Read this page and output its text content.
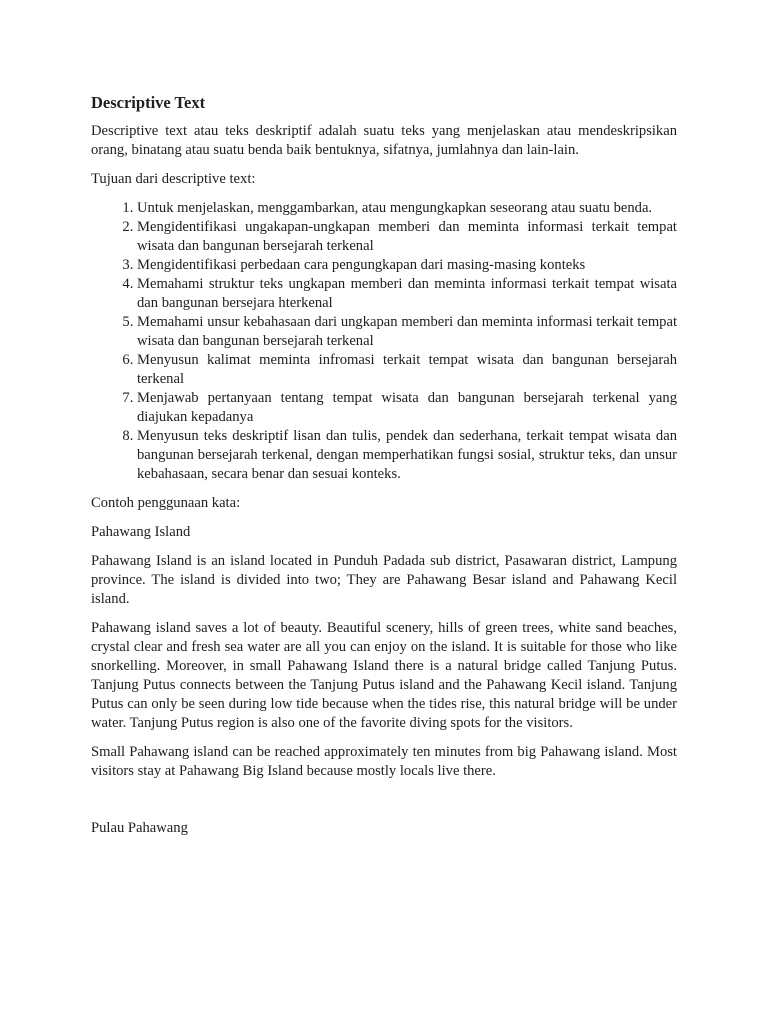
Descriptive Text

Descriptive text atau teks deskriptif adalah suatu teks yang menjelaskan atau mendeskripsikan orang, binatang atau suatu benda baik bentuknya, sifatnya, jumlahnya dan lain-lain.

Tujuan dari descriptive text:

1. Untuk menjelaskan, menggambarkan, atau mengungkapkan seseorang atau suatu benda.
2. Mengidentifikasi ungakapan-ungkapan memberi dan meminta informasi terkait tempat wisata dan bangunan bersejarah terkenal
3. Mengidentifikasi perbedaan cara pengungkapan dari masing-masing konteks
4. Memahami struktur teks ungkapan memberi dan meminta informasi terkait tempat wisata dan bangunan bersejara hterkenal
5. Memahami unsur kebahasaan dari ungkapan memberi dan meminta informasi terkait tempat wisata dan bangunan bersejarah terkenal
6. Menyusun kalimat meminta infromasi terkait tempat wisata dan bangunan bersejarah terkenal
7. Menjawab pertanyaan tentang tempat wisata dan bangunan bersejarah terkenal yang diajukan kepadanya
8. Menyusun teks deskriptif lisan dan tulis, pendek dan sederhana, terkait tempat wisata dan bangunan bersejarah terkenal, dengan memperhatikan fungsi sosial, struktur teks, dan unsur kebahasaan, secara benar dan sesuai konteks.

Contoh penggunaan kata:

Pahawang Island

Pahawang Island is an island located in Punduh Padada sub district, Pasawaran district, Lampung province. The island is divided into two; They are Pahawang Besar island and Pahawang Kecil island.

Pahawang island saves a lot of beauty. Beautiful scenery, hills of green trees, white sand beaches, crystal clear and fresh sea water are all you can enjoy on the island. It is suitable for those who like snorkelling. Moreover, in small Pahawang Island there is a natural bridge called Tanjung Putus. Tanjung Putus connects between the Tanjung Putus island and the Pahawang Kecil island. Tanjung Putus can only be seen during low tide because when the tides rise, this natural bridge will be under water. Tanjung Putus region is also one of the favorite diving spots for the visitors.

Small Pahawang island can be reached approximately ten minutes from big Pahawang island. Most visitors stay at Pahawang Big Island because mostly locals live there.

Pulau Pahawang
